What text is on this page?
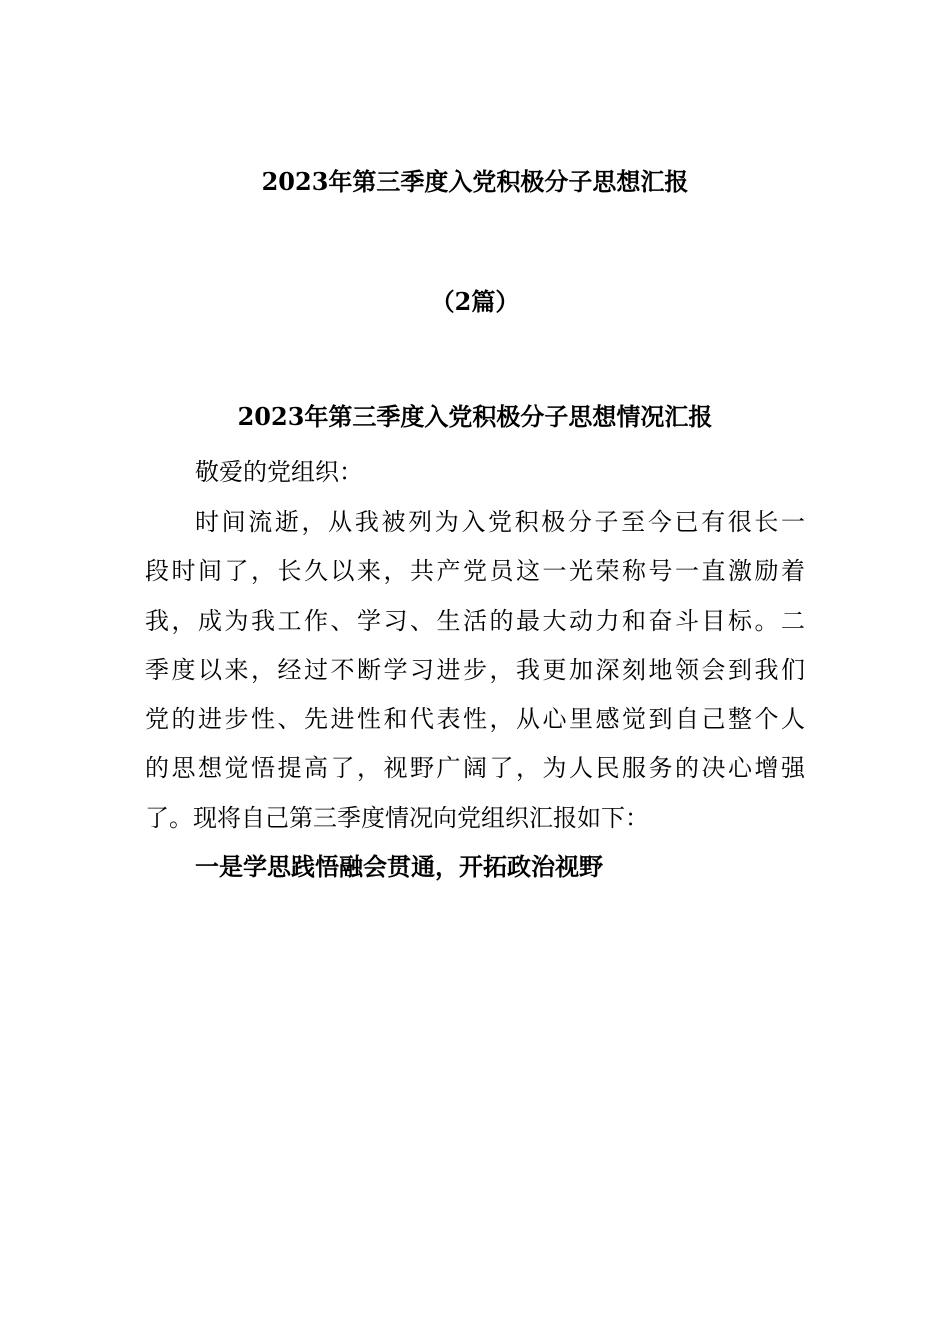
2023年第三季度入党积极分子思想汇报
（2篇）
2023年第三季度入党积极分子思想情况汇报
敬爱的党组织：
时间流逝，从我被列为入党积极分子至今已有很长一
段时间了，长久以来，共产党员这一光荣称号一直激励着
我，成为我工作、学习、生活的最大动力和奋斗目标。二
季度以来，经过不断学习进步，我更加深刻地领会到我们
党的进步性、先进性和代表性，从心里感觉到自己整个人
的思想觉悟提高了，视野广阔了，为人民服务的决心增强
了。现将自己第三季度情况向党组织汇报如下：
一是学思践悟融会贯通，开拓政治视野
